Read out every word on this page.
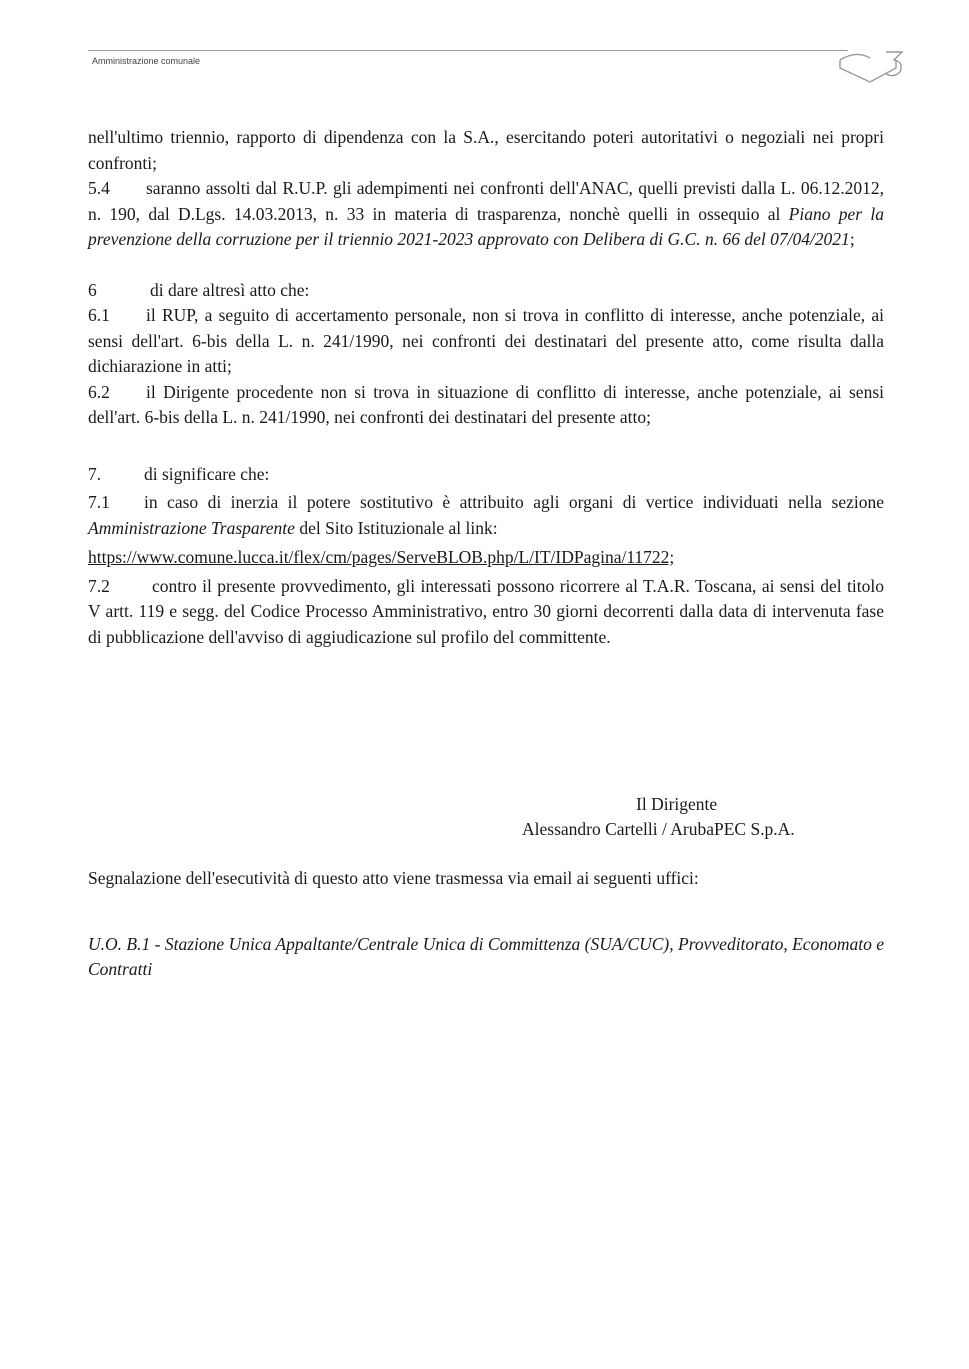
Amministrazione comunale

nell'ultimo triennio, rapporto di dipendenza con la S.A., esercitando poteri autoritativi o negoziali nei propri confronti;

5.4 saranno assolti dal R.U.P. gli adempimenti nei confronti dell'ANAC, quelli previsti dalla L. 06.12.2012, n. 190, dal D.Lgs. 14.03.2013, n. 33 in materia di trasparenza, nonchè quelli in ossequio al Piano per la prevenzione della corruzione per il triennio 2021-2023 approvato con Delibera di G.C. n. 66 del 07/04/2021;

6	di dare altresì atto che:

6.1 il RUP, a seguito di accertamento personale, non si trova in conflitto di interesse, anche potenziale, ai sensi dell'art. 6-bis della L. n. 241/1990, nei confronti dei destinatari del presente atto, come risulta dalla dichiarazione in atti;

6.2 il Dirigente procedente non si trova in situazione di conflitto di interesse, anche potenziale, ai sensi dell'art. 6-bis della L. n. 241/1990, nei confronti dei destinatari del presente atto;

7. di significare che:

7.1 in caso di inerzia il potere sostitutivo è attribuito agli organi di vertice individuati nella sezione Amministrazione Trasparente del Sito Istituzionale al link:

https://www.comune.lucca.it/flex/cm/pages/ServeBLOB.php/L/IT/IDPagina/11722;

7.2 contro il presente provvedimento, gli interessati possono ricorrere al T.A.R. Toscana, ai sensi del titolo V artt. 119 e segg. del Codice Processo Amministrativo, entro 30 giorni decorrenti dalla data di intervenuta fase di pubblicazione dell'avviso di aggiudicazione sul profilo del committente.

Il Dirigente
Alessandro Cartelli / ArubaPEC S.p.A.
Segnalazione dell'esecutività di questo atto viene trasmessa via email ai seguenti uffici:
U.O. B.1 - Stazione Unica Appaltante/Centrale Unica di Committenza (SUA/CUC), Provveditorato, Economato e Contratti
